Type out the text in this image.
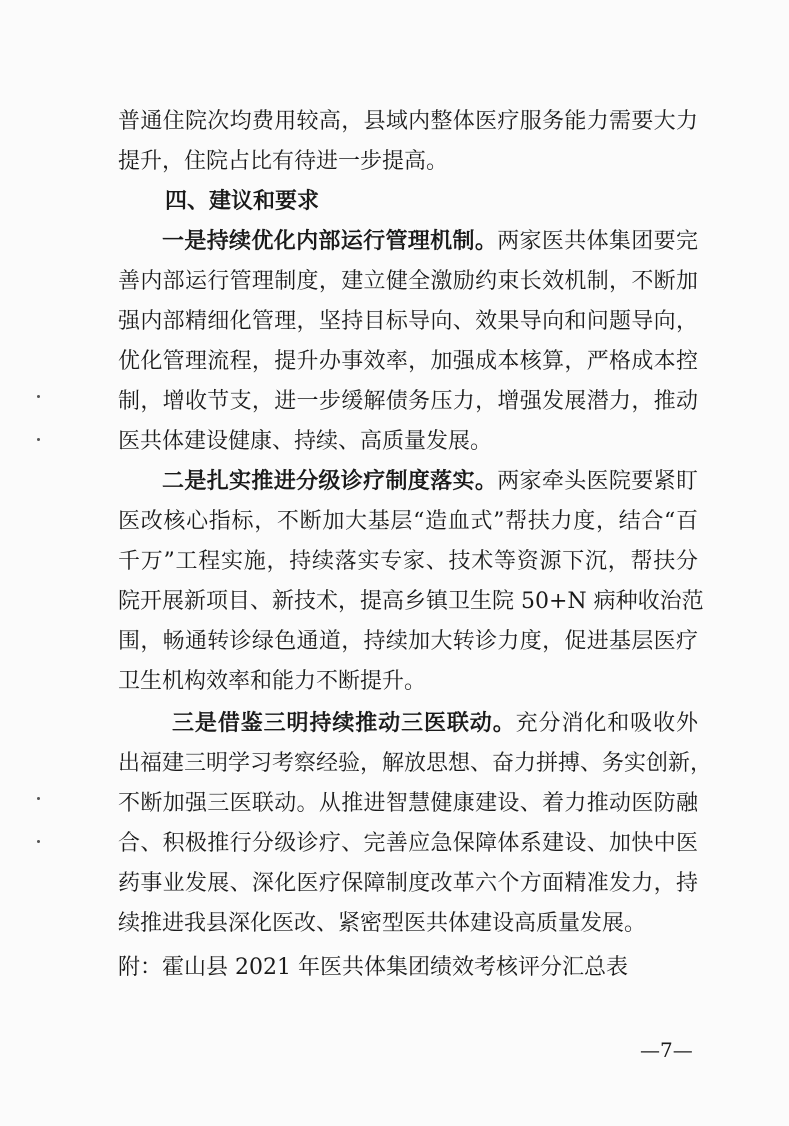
普通住院次均费用较高，县域内整体医疗服务能力需要大力
提升，住院占比有待进一步提高。
四、建议和要求
一是持续优化内部运行管理机制。两家医共体集团要完
善内部运行管理制度，建立健全激励约束长效机制，不断加
强内部精细化管理，坚持目标导向、效果导向和问题导向，
优化管理流程，提升办事效率，加强成本核算，严格成本控
制，增收节支，进一步缓解债务压力，增强发展潜力，推动
医共体建设健康、持续、高质量发展。
二是扎实推进分级诊疗制度落实。两家牵头医院要紧盯
医改核心指标，不断加大基层“造血式”帮扶力度，结合“百
千万”工程实施，持续落实专家、技术等资源下沉，帮扶分
院开展新项目、新技术，提高乡镇卫生院 50+N 病种收治范
围，畅通转诊绿色通道，持续加大转诊力度，促进基层医疗
卫生机构效率和能力不断提升。
三是借鉴三明持续推动三医联动。充分消化和吸收外
出福建三明学习考察经验，解放思想、奋力拼搏、务实创新，
不断加强三医联动。从推进智慧健康建设、着力推动医防融
合、积极推行分级诊疗、完善应急保障体系建设、加快中医
药事业发展、深化医疗保障制度改革六个方面精准发力，持
续推进我县深化医改、紧密型医共体建设高质量发展。
附：霍山县 2021 年医共体集团绩效考核评分汇总表
—7—
